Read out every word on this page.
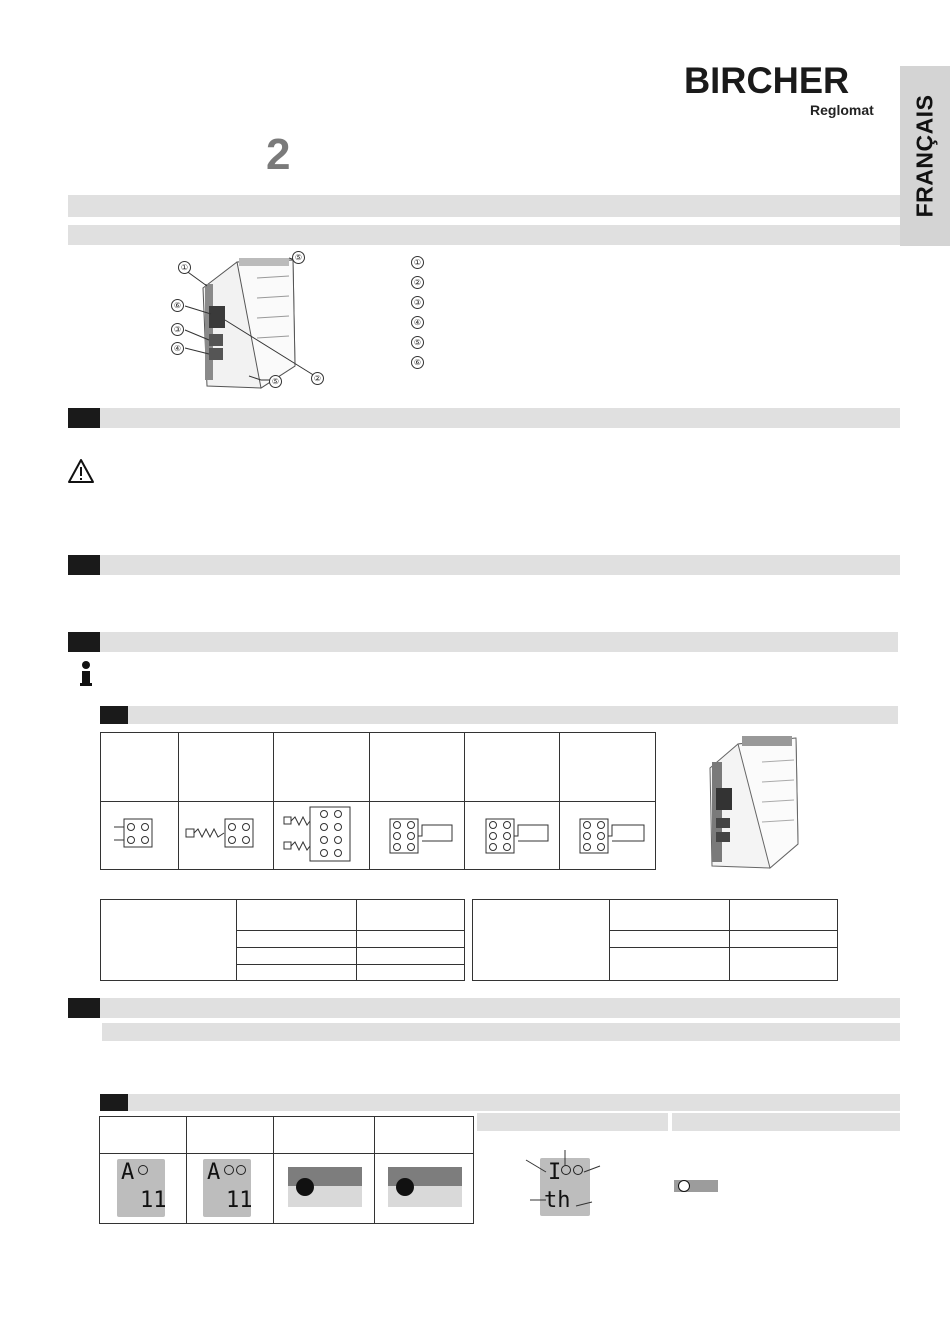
BIRCHER
Reglomat FRANÇAIS
2
①
⑤
⑥
③
④
②
⑤
①
②
③
④
⑤
⑥

A
11
A
11
I
th
